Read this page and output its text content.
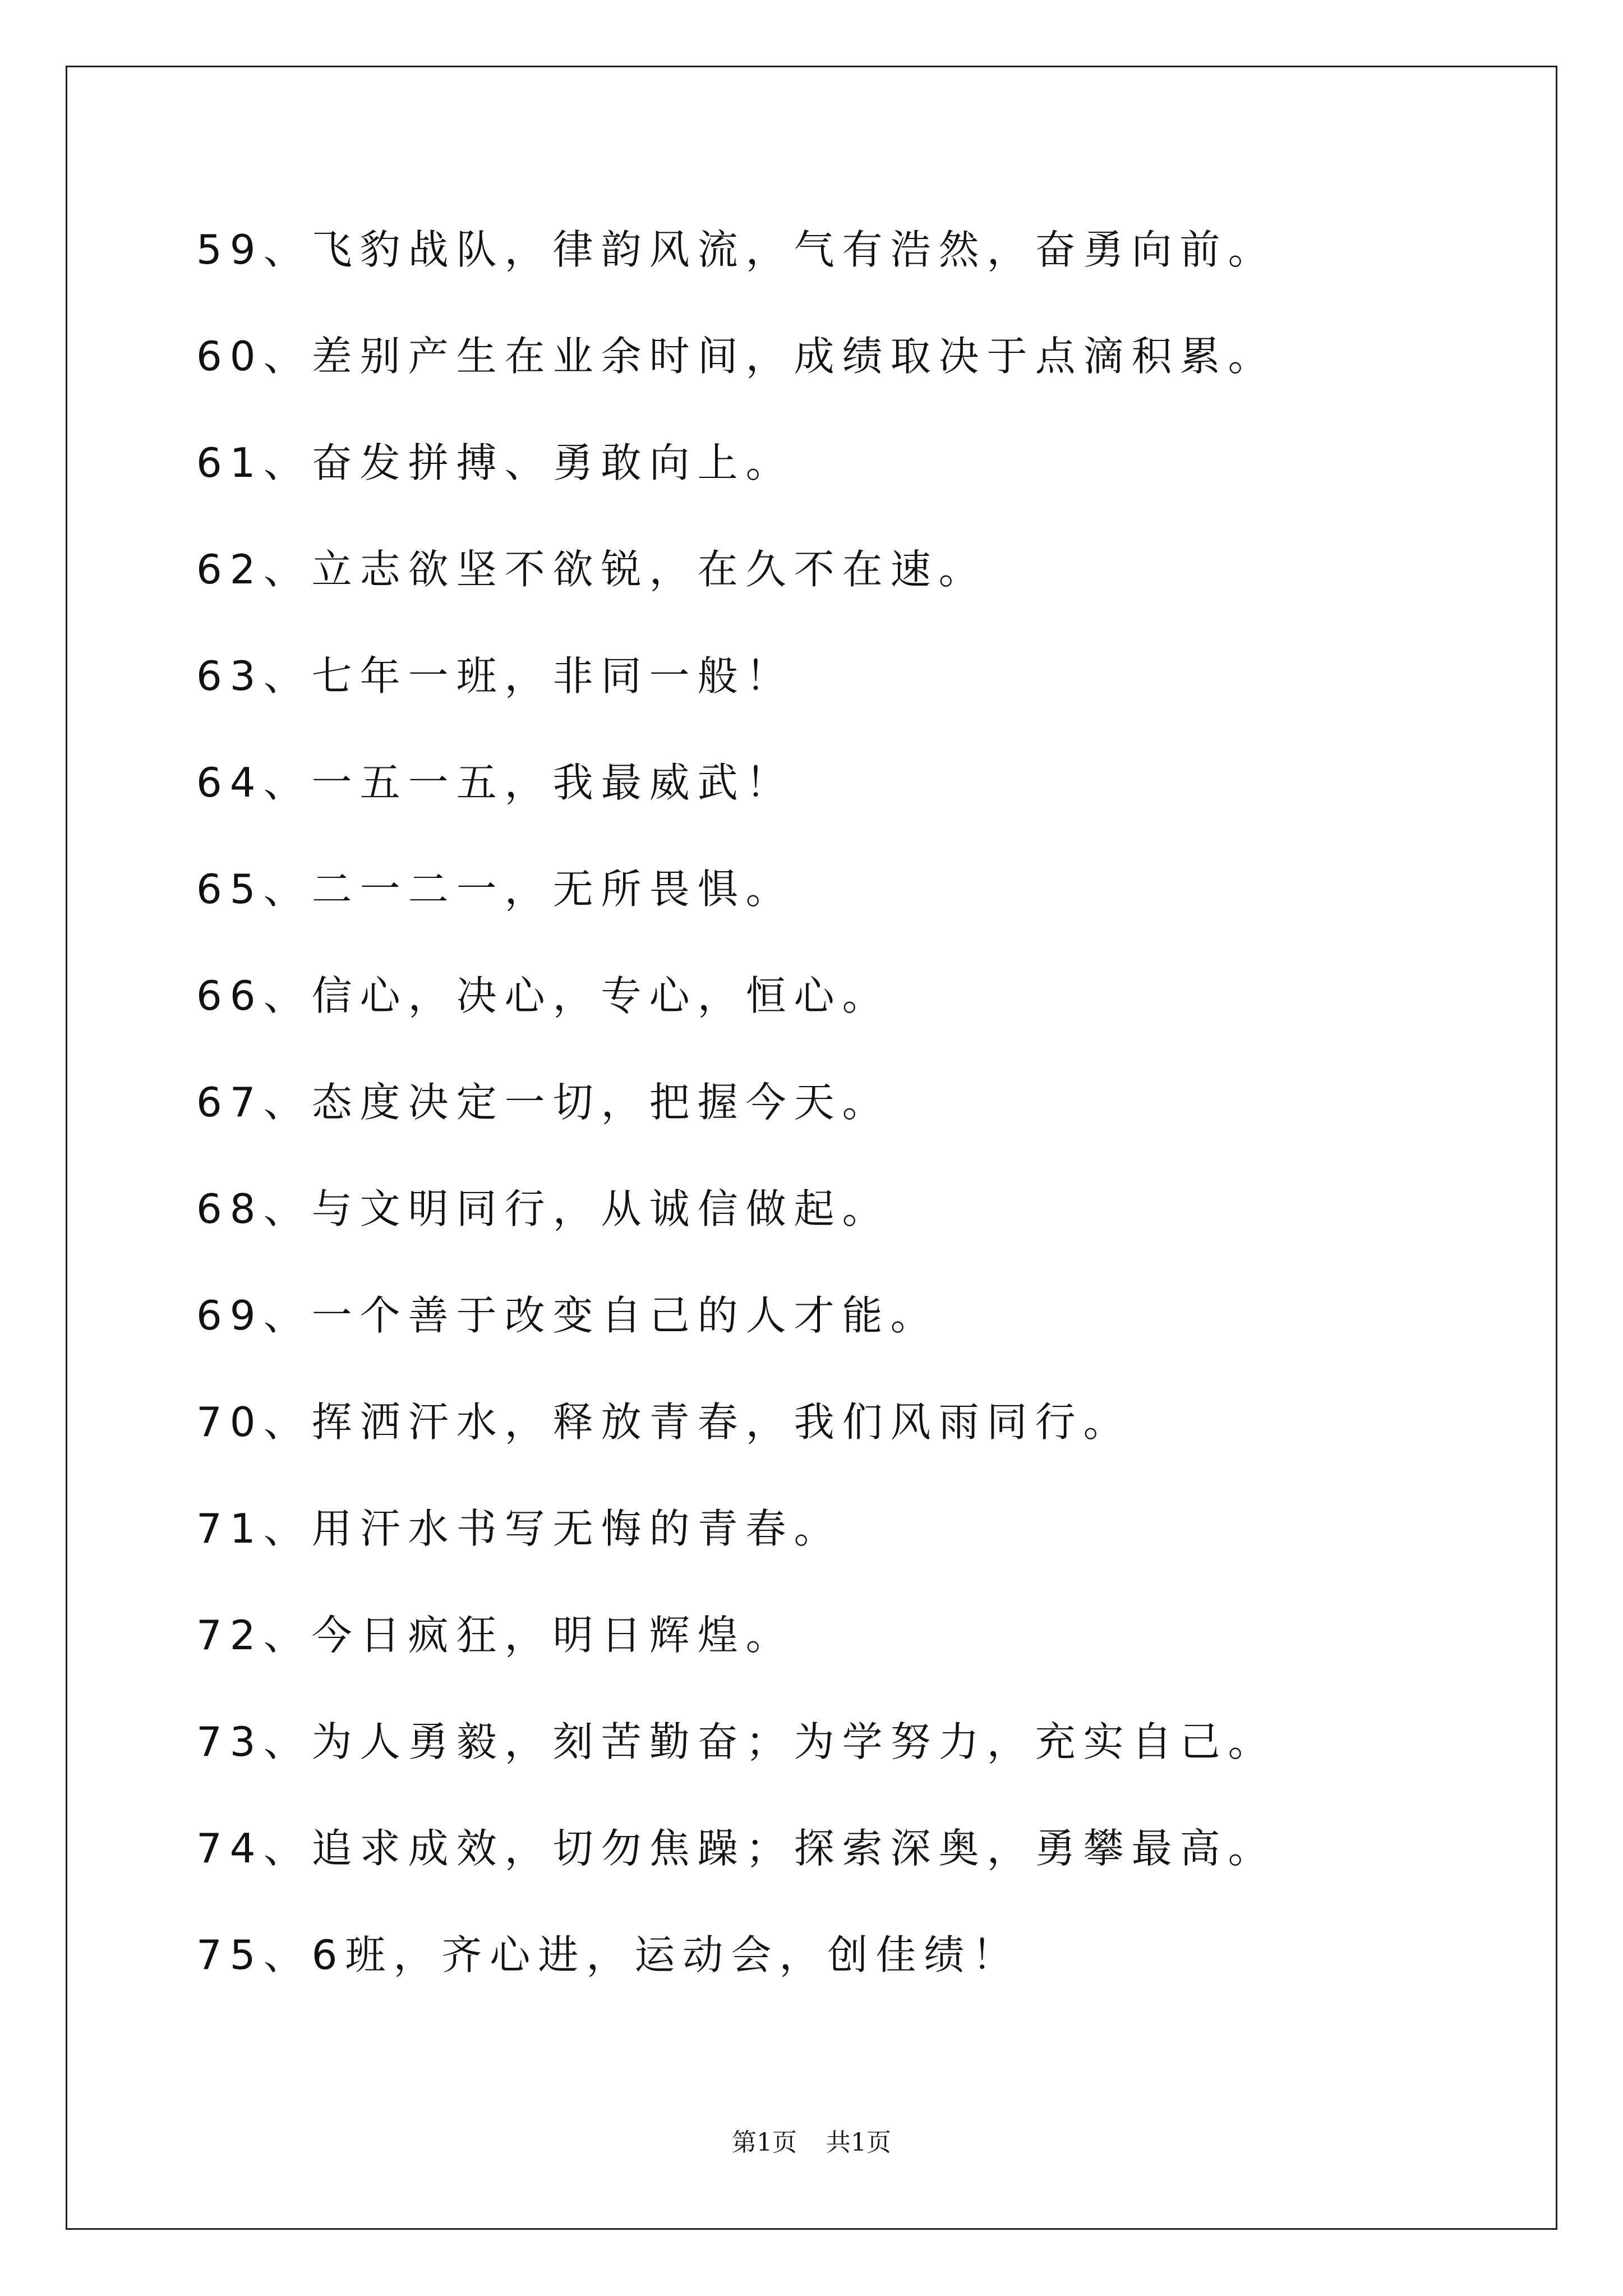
59、飞豹战队，律韵风流，气有浩然，奋勇向前。
60、差别产生在业余时间，成绩取决于点滴积累。
61、奋发拼搏、勇敢向上。
62、立志欲坚不欲锐，在久不在速。
63、七年一班，非同一般！
64、一五一五，我最威武！
65、二一二一，无所畏惧。
66、信心，决心，专心，恒心。
67、态度决定一切，把握今天。
68、与文明同行，从诚信做起。
69、一个善于改变自己的人才能。
70、挥洒汗水，释放青春，我们风雨同行。
71、用汗水书写无悔的青春。
72、今日疯狂，明日辉煌。
73、为人勇毅，刻苦勤奋；为学努力，充实自己。
74、追求成效，切勿焦躁；探索深奥，勇攀最高。
75、6班，齐心进，运动会，创佳绩！
第1页 共1页
